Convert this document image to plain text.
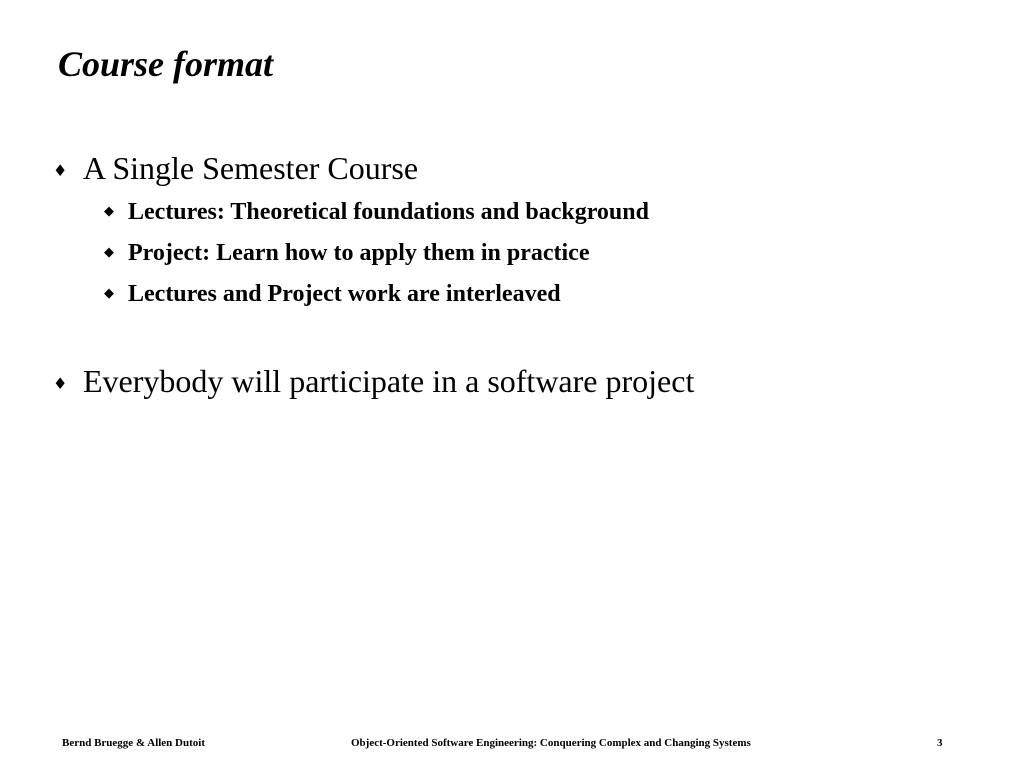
Course format
♦ A Single Semester Course
◆ Lectures: Theoretical foundations and background
◆ Project: Learn how to apply them in practice
◆ Lectures and Project work are interleaved
♦ Everybody will participate in a software project
Bernd Bruegge & Allen Dutoit	Object-Oriented Software Engineering: Conquering Complex and Changing Systems	3
